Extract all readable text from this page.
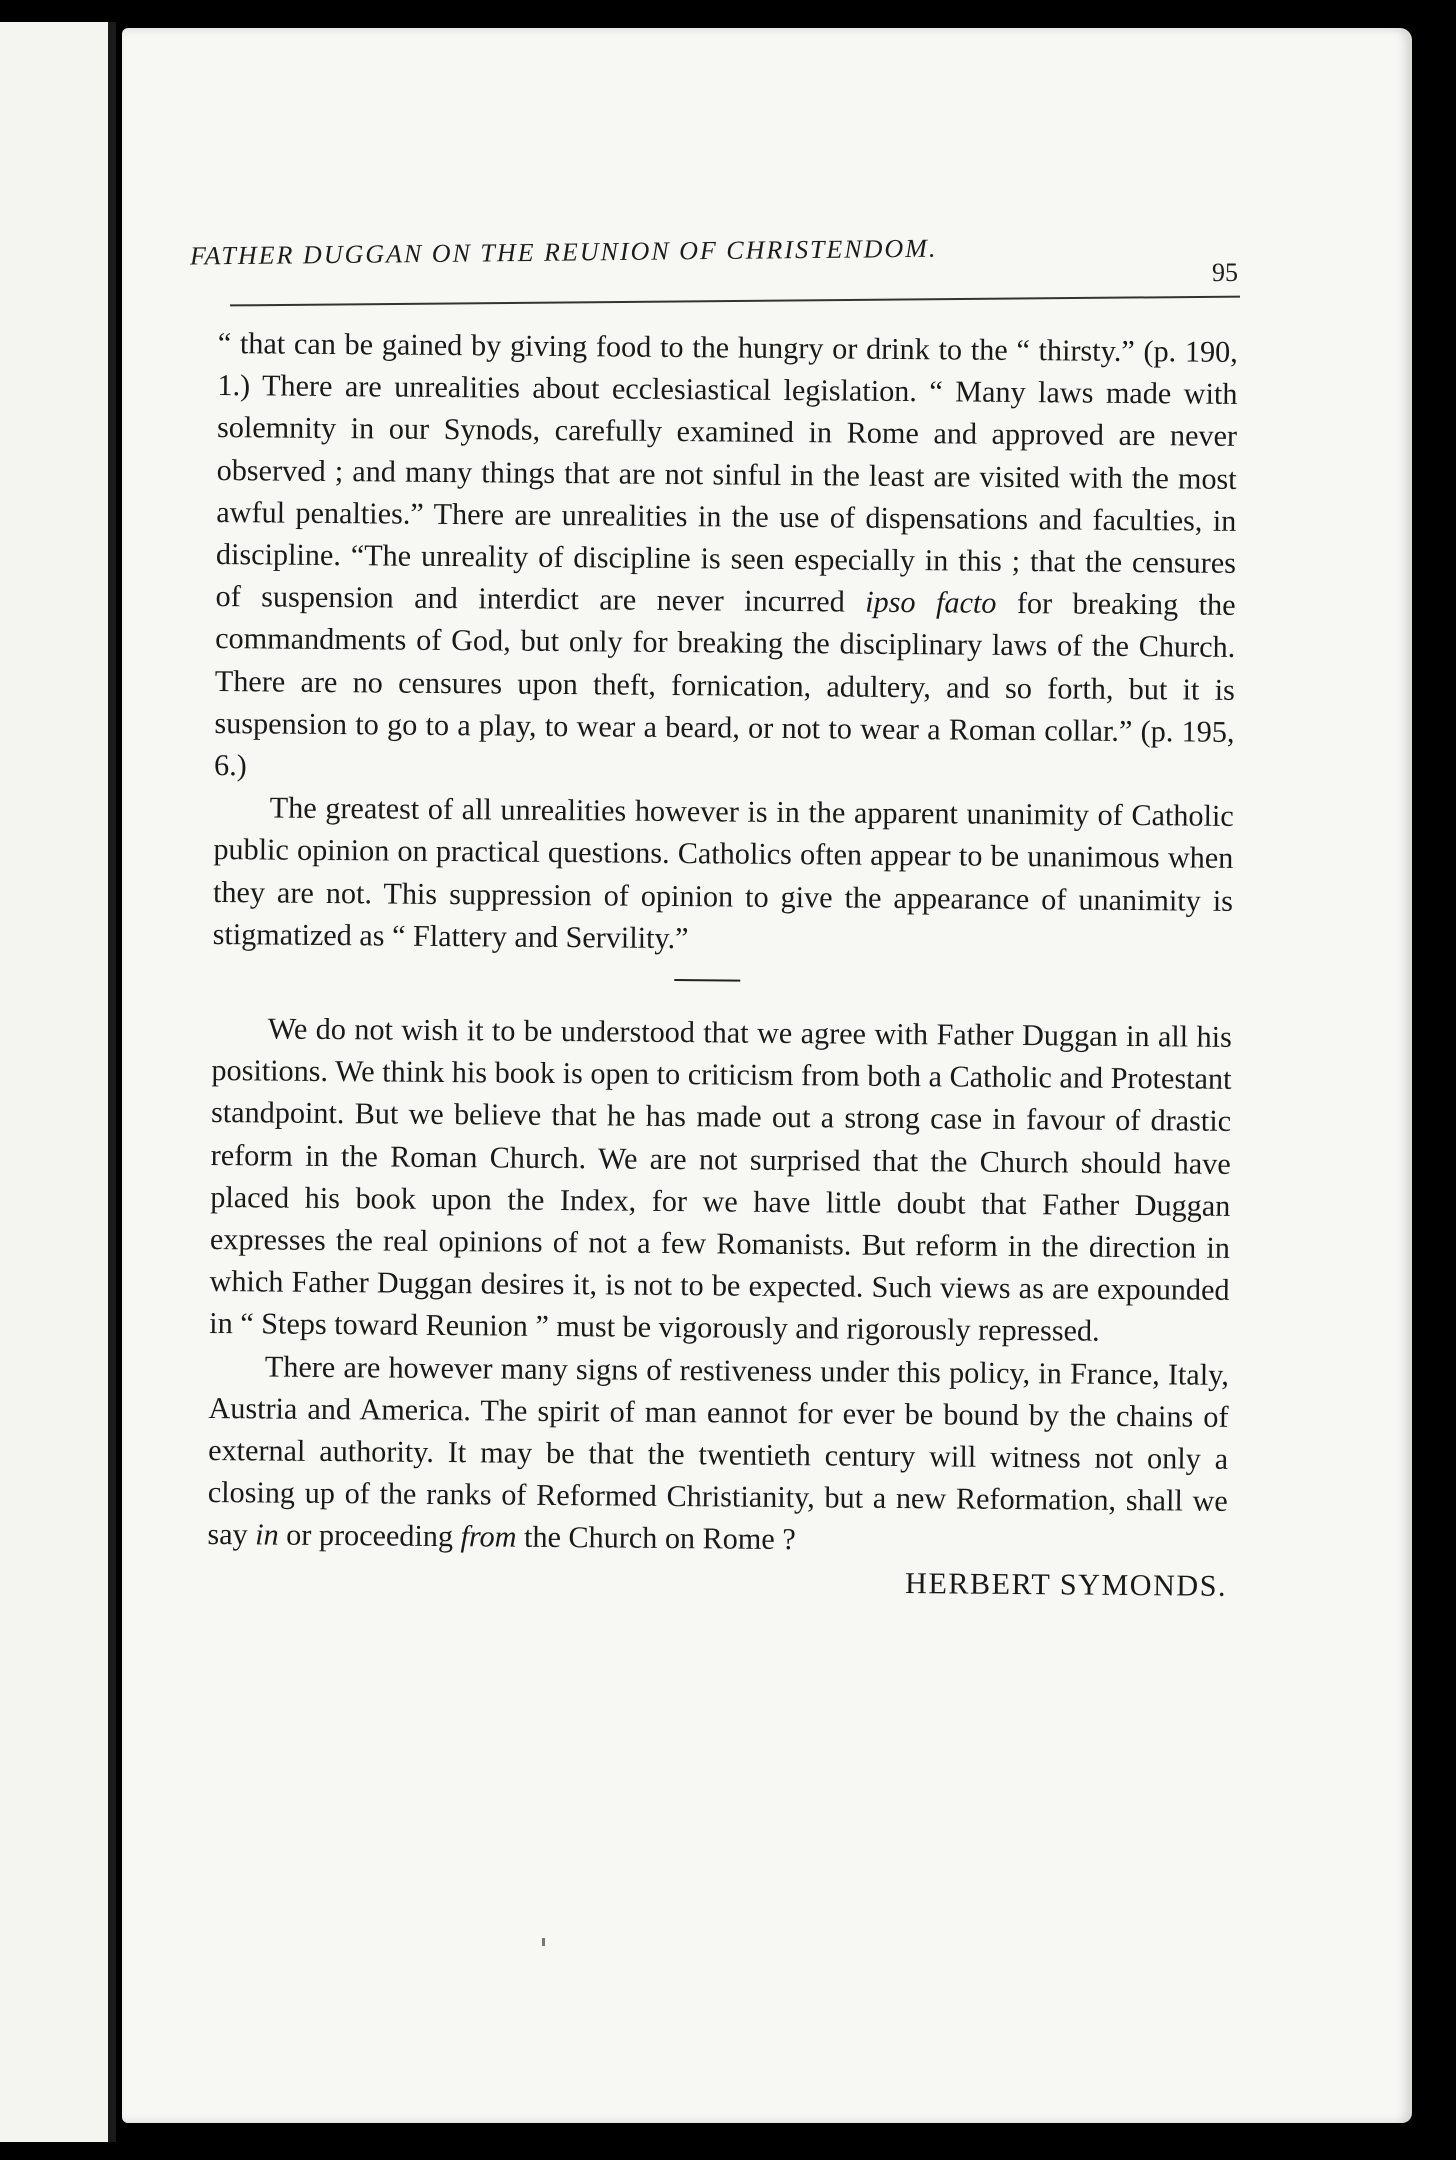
FATHER DUGGAN ON THE REUNION OF CHRISTENDOM.
95

“ that can be gained by giving food to the hungry or drink to the “ thirsty.” (p. 190, 1.) There are unrealities about ecclesiastical legislation. “ Many laws made with solemnity in our Synods, carefully examined in Rome and approved are never observed ; and many things that are not sinful in the least are visited with the most awful penalties.” There are unrealities in the use of dispensations and faculties, in discipline. “The unreality of discipline is seen especially in this ; that the censures of suspension and interdict are never incurred ipso facto for breaking the commandments of God, but only for breaking the disciplinary laws of the Church. There are no censures upon theft, fornication, adultery, and so forth, but it is suspension to go to a play, to wear a beard, or not to wear a Roman collar.” (p. 195, 6.)

The greatest of all unrealities however is in the apparent unanimity of Catholic public opinion on practical questions. Catholics often appear to be unanimous when they are not. This suppression of opinion to give the appearance of unanimity is stigmatized as “ Flattery and Servility.”

We do not wish it to be understood that we agree with Father Duggan in all his positions. We think his book is open to criticism from both a Catholic and Protestant standpoint. But we believe that he has made out a strong case in favour of drastic reform in the Roman Church. We are not surprised that the Church should have placed his book upon the Index, for we have little doubt that Father Duggan expresses the real opinions of not a few Romanists. But reform in the direction in which Father Duggan desires it, is not to be expected. Such views as are expounded in “ Steps toward Reunion ” must be vigorously and rigorously repressed.

There are however many signs of restiveness under this policy, in France, Italy, Austria and America. The spirit of man eannot for ever be bound by the chains of external authority. It may be that the twentieth century will witness not only a closing up of the ranks of Reformed Christianity, but a new Reformation, shall we say in or proceeding from the Church on Rome ?

HERBERT SYMONDS.
